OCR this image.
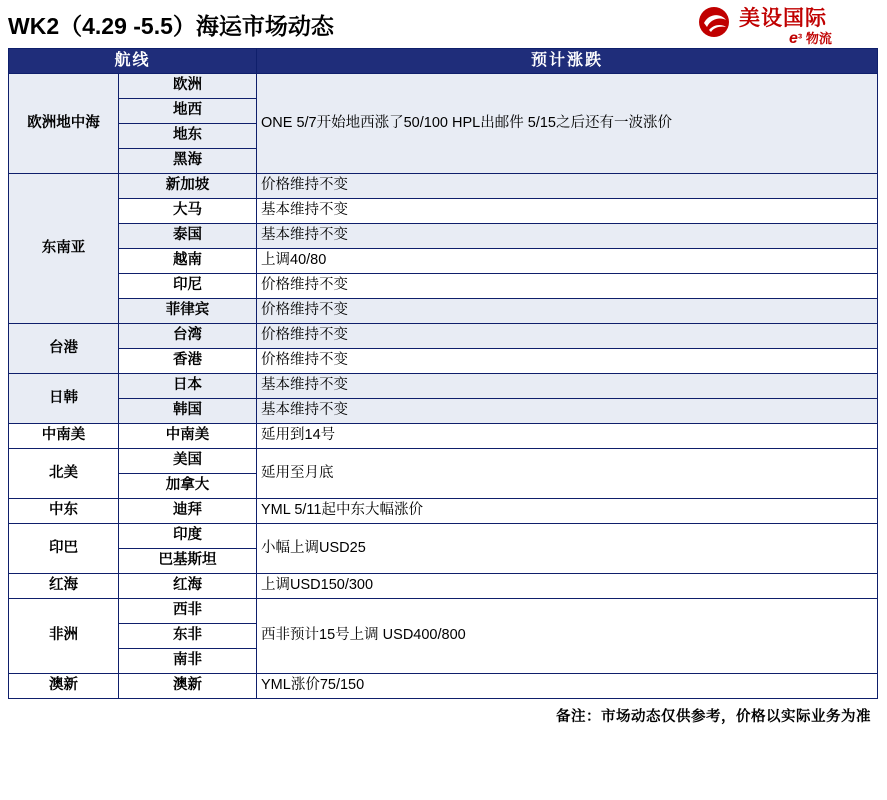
WK2（4.29 -5.5）海运市场动态	美设国际
e³ 物流
航线		预计涨跌
欧洲地中海	欧洲	ONE 5/7开始地西涨了50/100 HPL出邮件 5/15之后还有一波涨价
	地西	
	地东	
	黑海	
东南亚	新加坡	价格维持不变
	大马	基本维持不变
	泰国	基本维持不变
	越南	上调40/80
	印尼	价格维持不变
	菲律宾	价格维持不变
台港	台湾	价格维持不变
	香港	价格维持不变
日韩	日本	基本维持不变
	韩国	基本维持不变
中南美	中南美	延用到14号
北美	美国	延用至月底
	加拿大	
中东	迪拜	YML 5/11起中东大幅涨价
印巴	印度	小幅上调USD25
	巴基斯坦	
红海	红海	上调USD150/300
非洲	西非	西非预计15号上调 USD400/800
	东非	
	南非	
澳新	澳新	YML涨价75/150
备注：市场动态仅供参考，价格以实际业务为准
